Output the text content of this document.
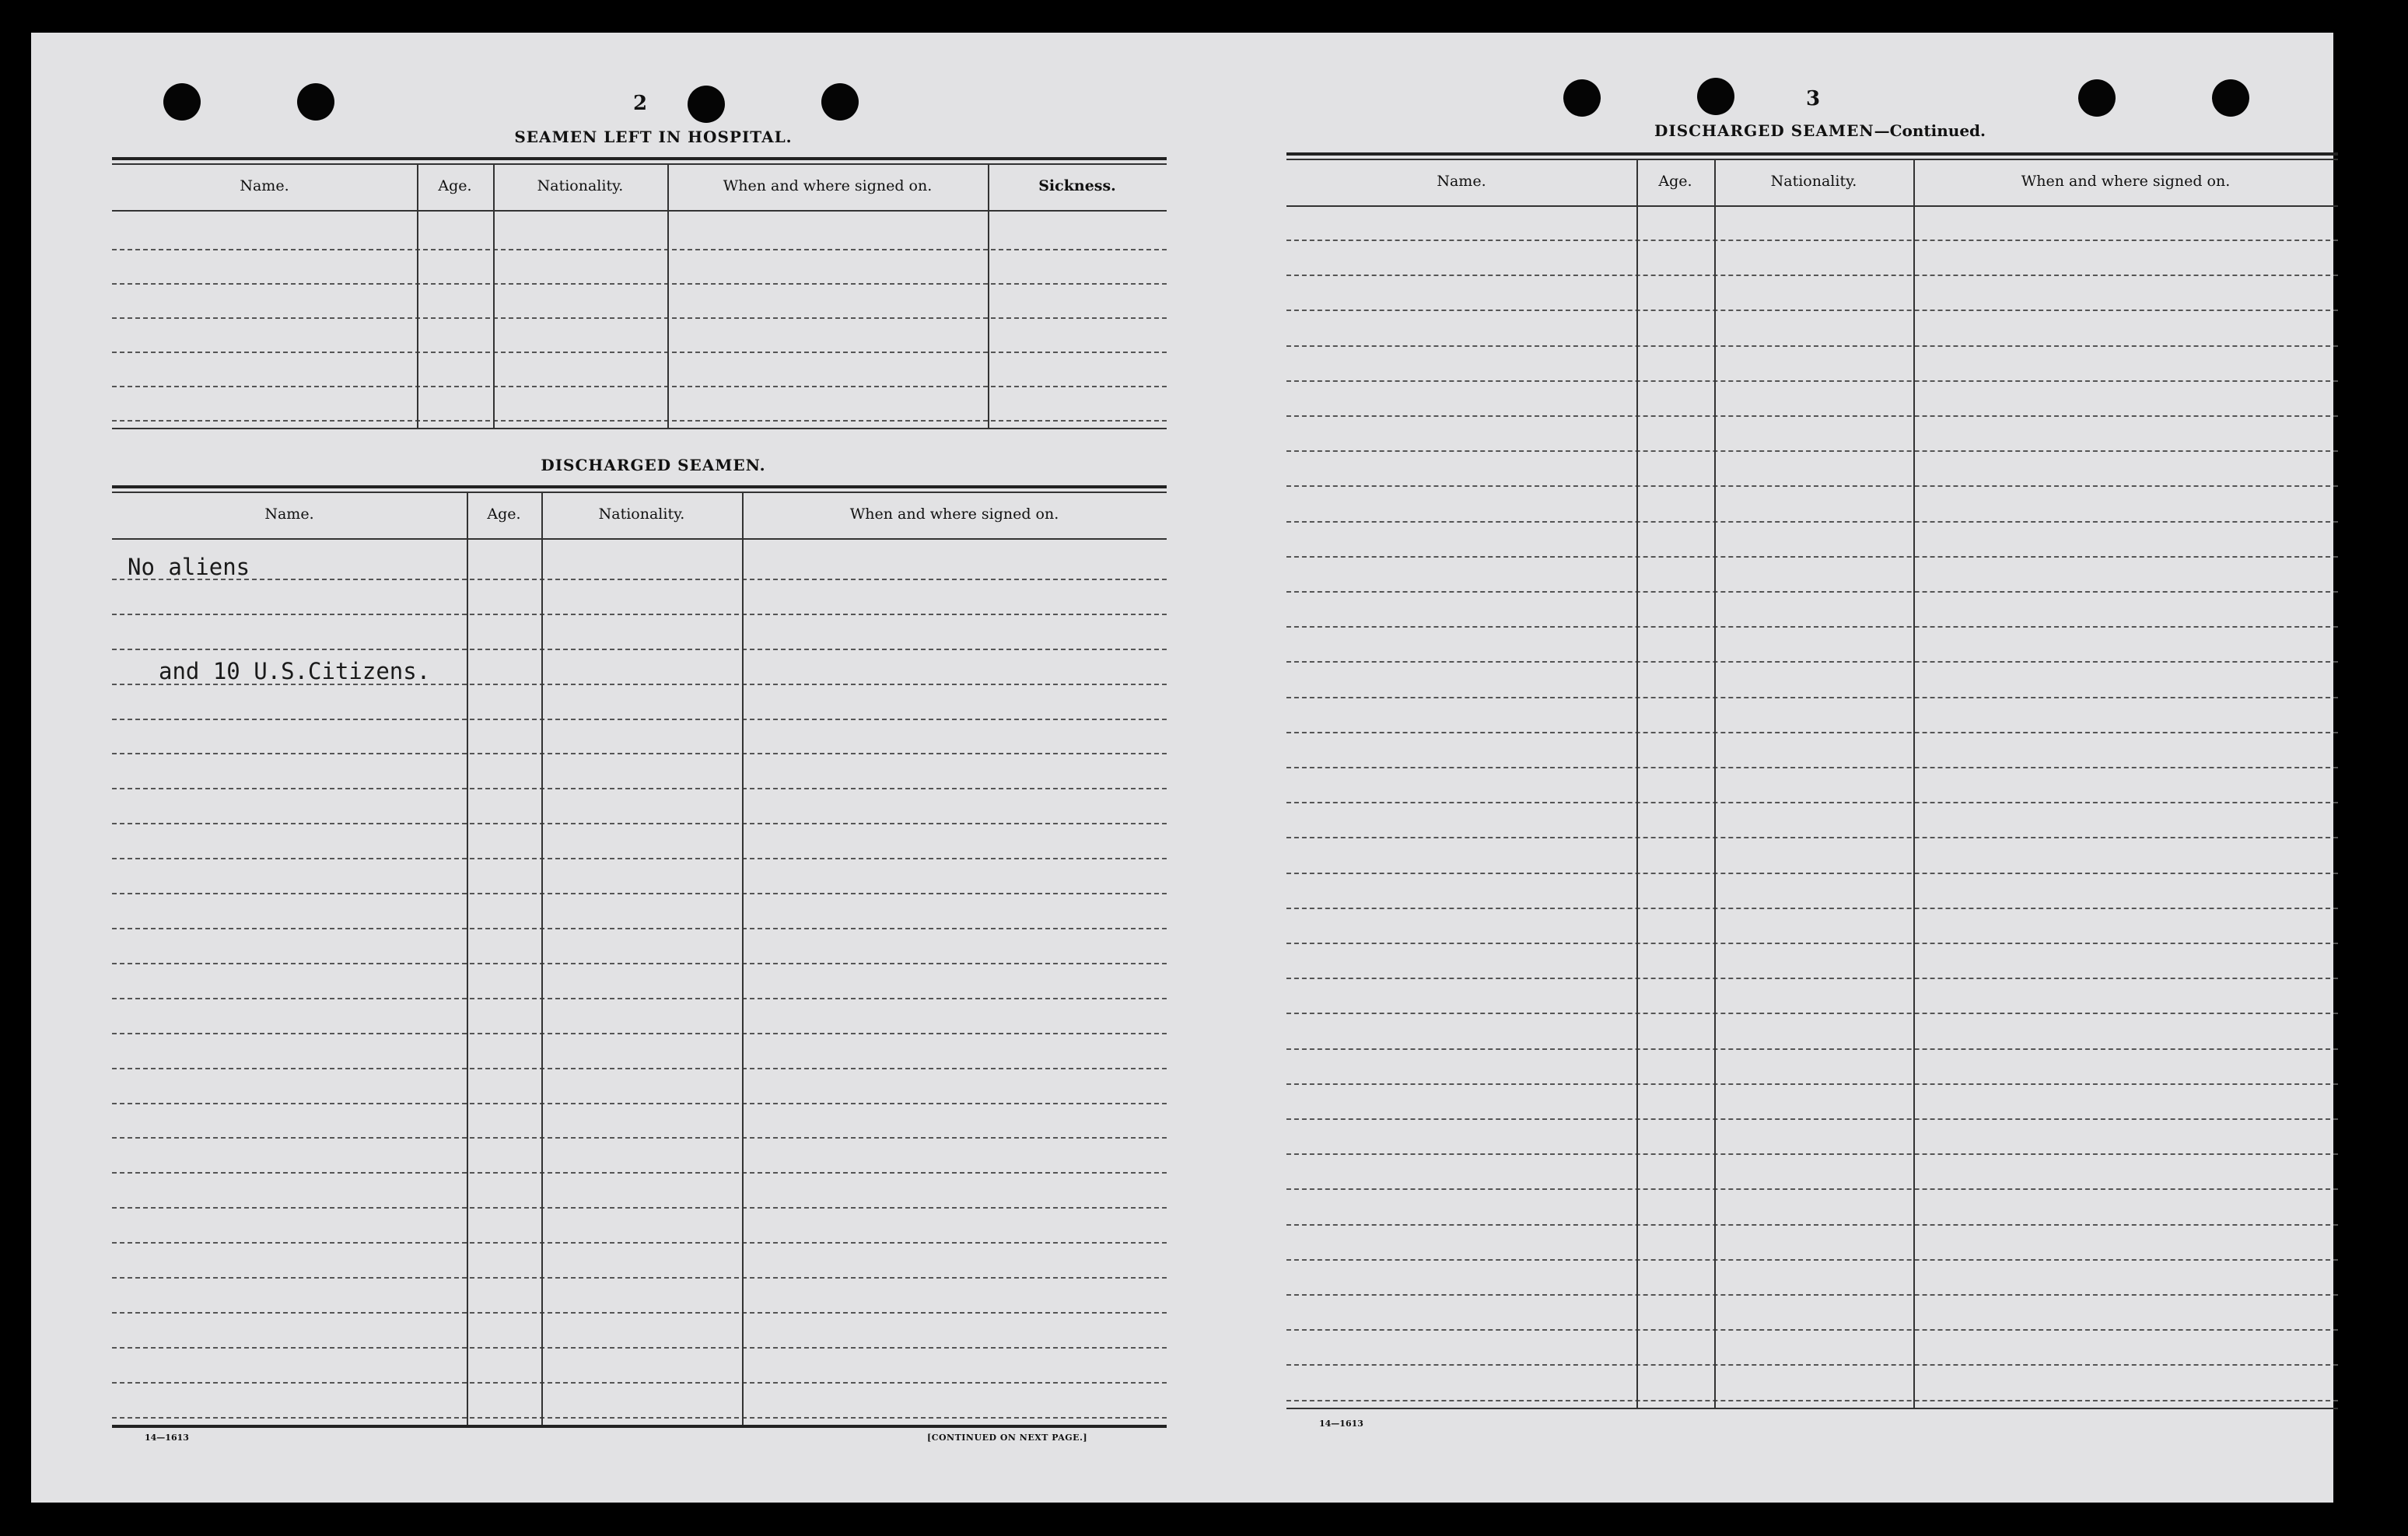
2
SEAMEN LEFT IN HOSPITAL.
Name.	Age.	Nationality.	When and where signed on.	Sickness.
DISCHARGED SEAMEN.
Name.	Age.	Nationality.	When and where signed on.
No aliens
and 10 U.S.Citizens.
14—1613	[CONTINUED ON NEXT PAGE.]
3
DISCHARGED SEAMEN—Continued.
Name.	Age.	Nationality.	When and where signed on.
14—1613
